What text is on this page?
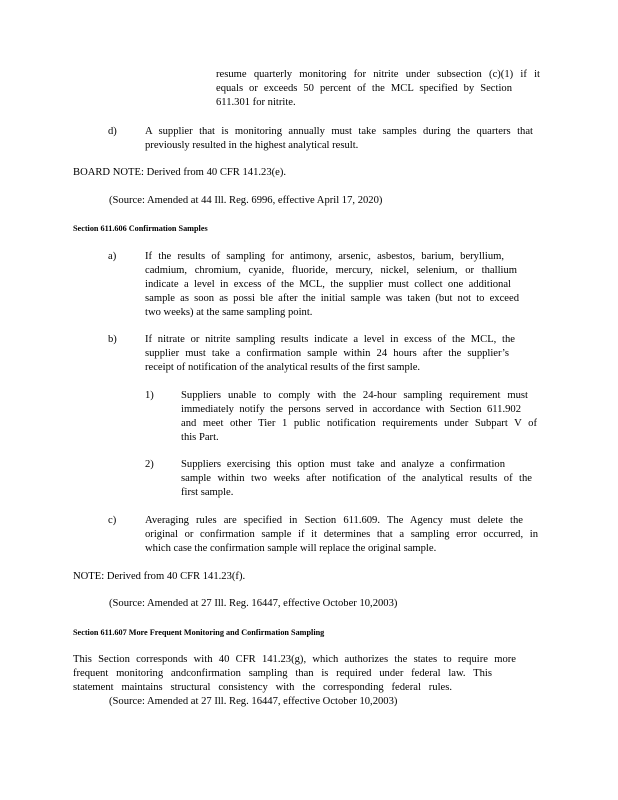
resume quarterly monitoring for nitrite under subsection (c)(1) if it
equals or exceeds 50 percent of the MCL specified by Section
611.301 for nitrite.
d)	A supplier that is monitoring annually must take samples during the quarters that
previously resulted in the highest analytical result.
BOARD NOTE: Derived from 40 CFR 141.23(e).
(Source: Amended at 44 Ill. Reg. 6996, effective April 17, 2020)
Section 611.606 Confirmation Samples
a)	If the results of sampling for antimony, arsenic, asbestos, barium, beryllium,
cadmium, chromium, cyanide, fluoride, mercury, nickel, selenium, or thallium
indicate a level in excess of the MCL, the supplier must collect one additional
sample as soon as possi ble after the initial sample was taken (but not to exceed
two weeks) at the same sampling point.
b)	If nitrate or nitrite sampling results indicate a level in excess of the MCL, the
supplier must take a confirmation sample within 24 hours after the supplier’s
receipt of notification of the analytical results of the first sample.
1)	Suppliers unable to comply with the 24-hour sampling requirement must
immediately notify the persons served in accordance with Section 611.902
and meet other Tier 1 public notification requirements under Subpart V of
this Part.
2)	Suppliers exercising this option must take and analyze a confirmation
sample within two weeks after notification of the analytical results of the
first sample.
c)	Averaging rules are specified in Section 611.609. The Agency must delete the
original or confirmation sample if it determines that a sampling error occurred, in
which case the confirmation sample will replace the original sample.
NOTE: Derived from 40 CFR 141.23(f).
(Source: Amended at 27 Ill. Reg. 16447, effective October 10,2003)
Section 611.607 More Frequent Monitoring and Confirmation Sampling
This Section corresponds with 40 CFR 141.23(g), which authorizes the states to require more
frequent monitoring andconfirmation sampling than is required under federal law. This
statement maintains structural consistency with the corresponding federal rules.
(Source: Amended at 27 Ill. Reg. 16447, effective October 10,2003)
